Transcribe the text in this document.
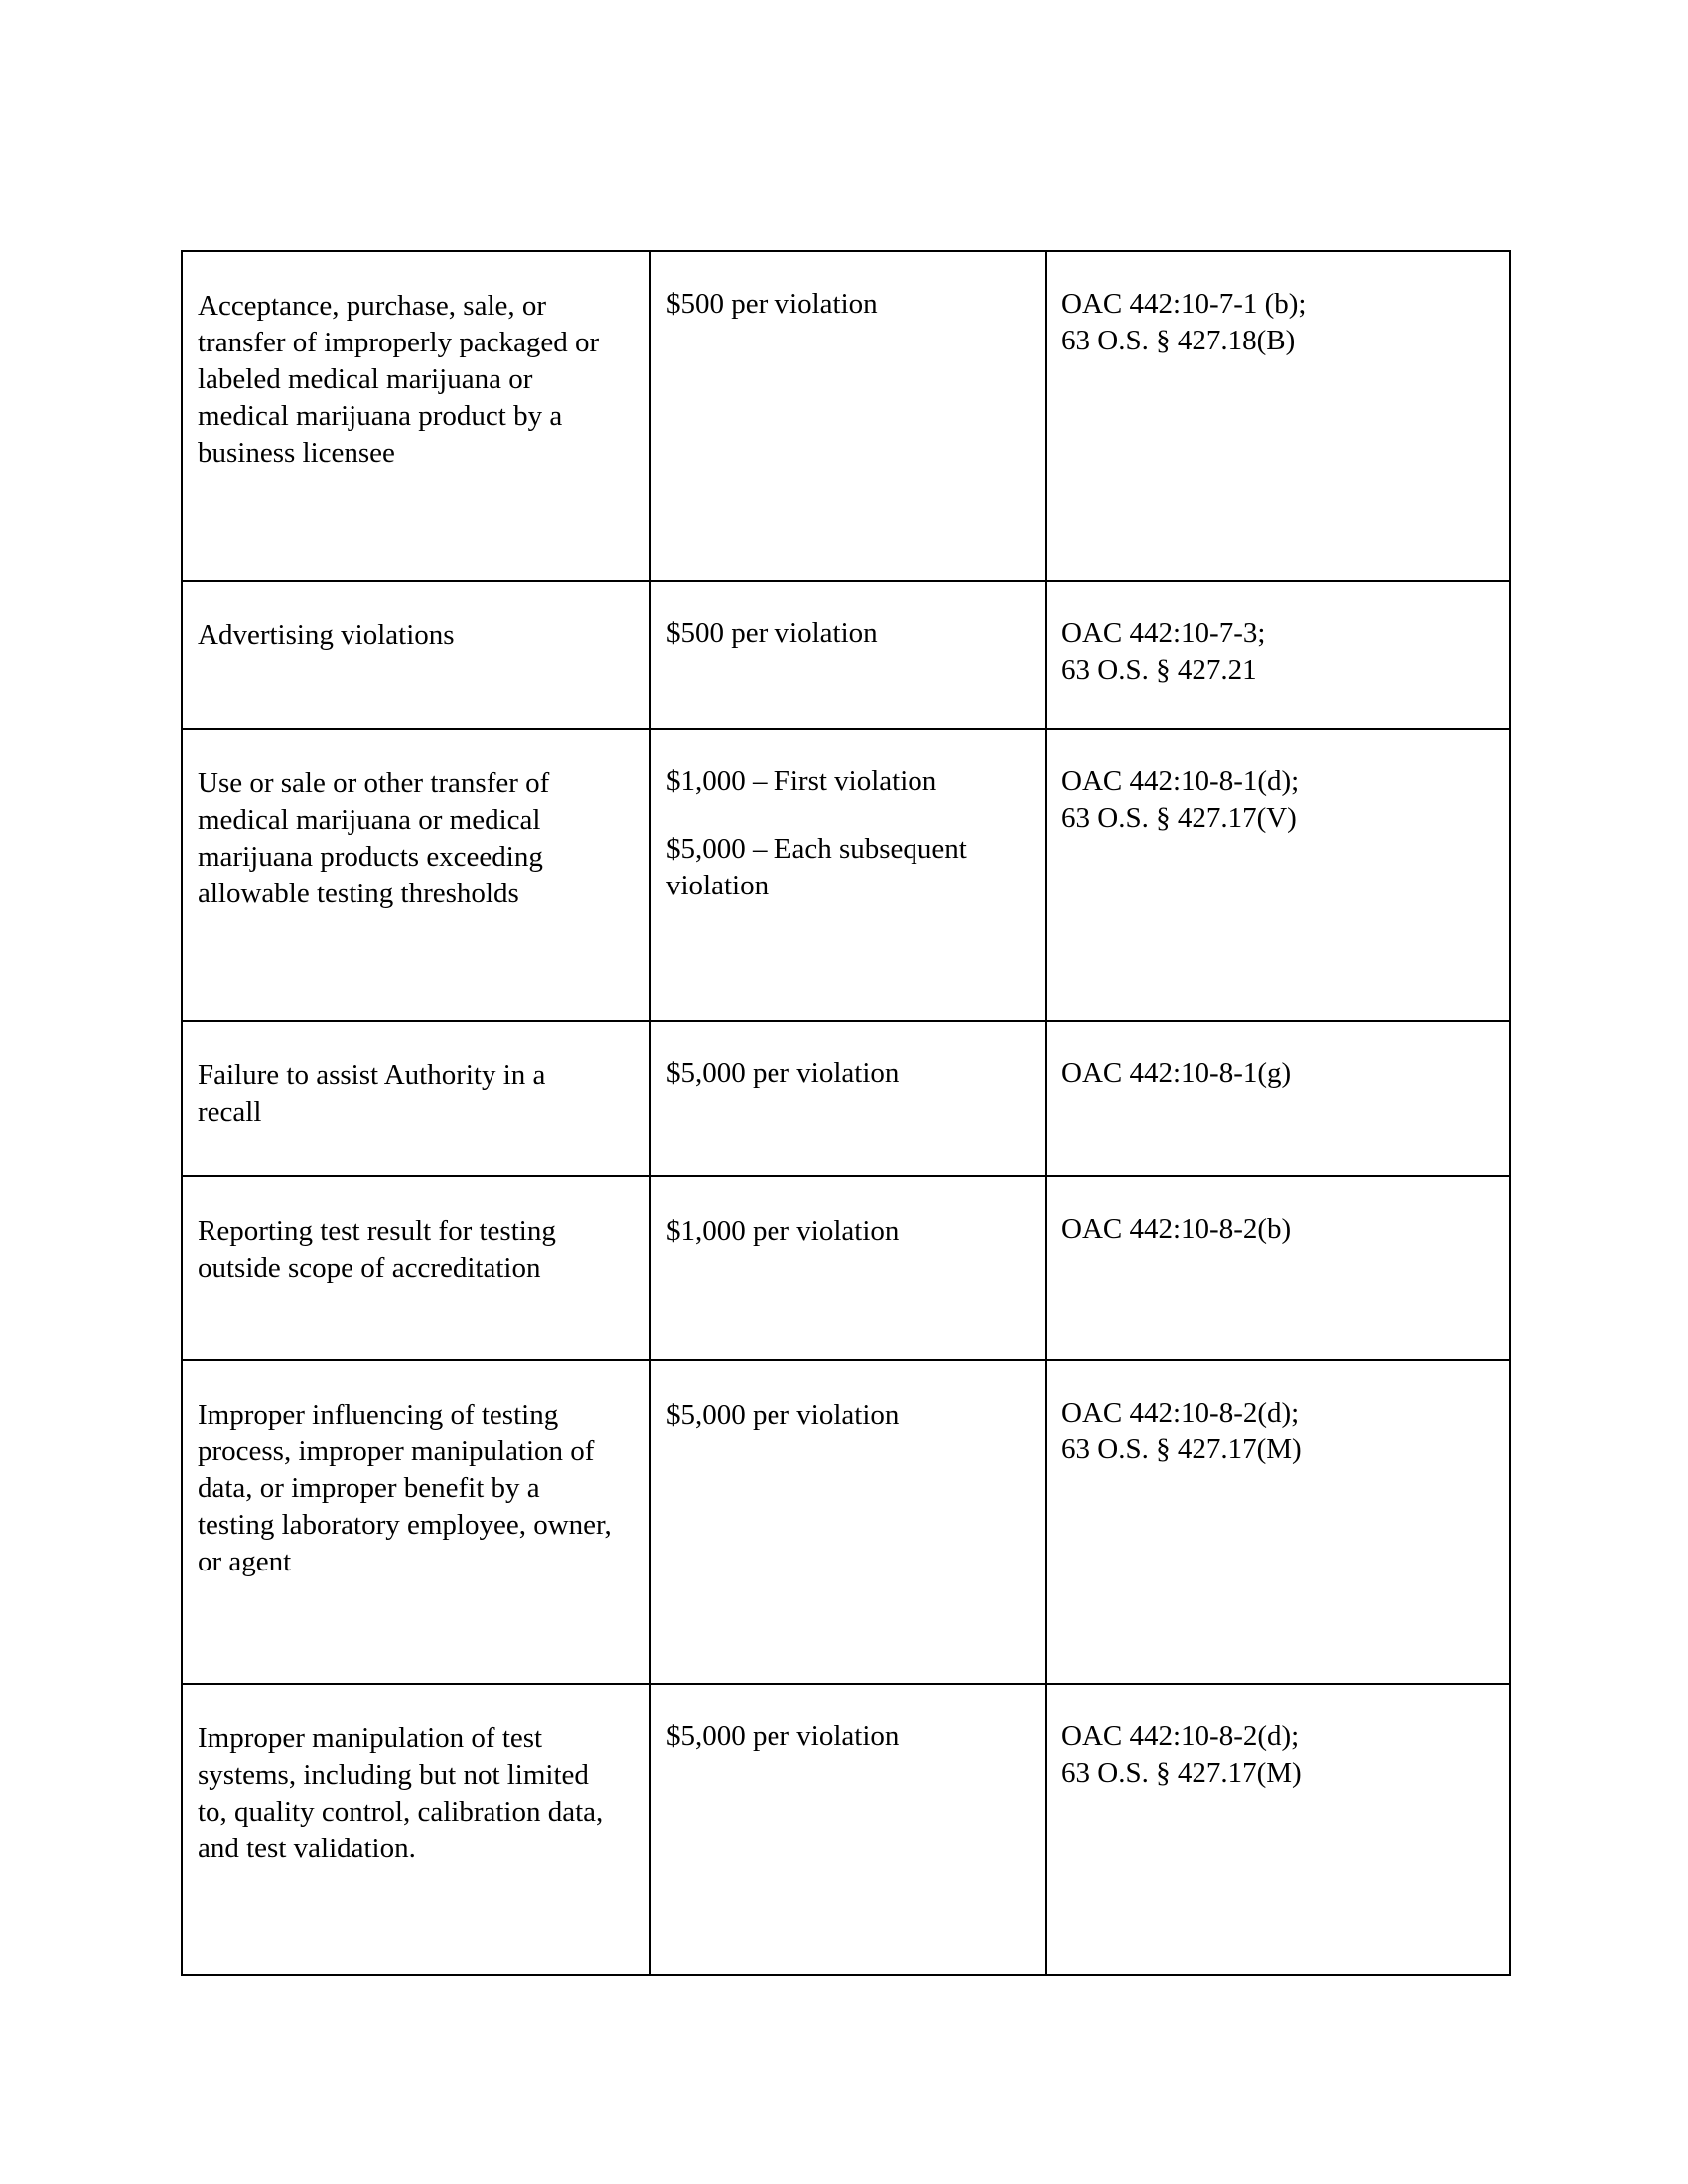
Acceptance, purchase, sale, or
transfer of improperly packaged or
labeled medical marijuana or
medical marijuana product by a
business licensee	$500 per violation	OAC 442:10-7-1 (b);
63 O.S. § 427.18(B)

Advertising violations	$500 per violation	OAC 442:10-7-3;
63 O.S. § 427.21

Use or sale or other transfer of
medical marijuana or medical
marijuana products exceeding
allowable testing thresholds	$1,000 – First violation
$5,000 – Each subsequent
violation	OAC 442:10-8-1(d);
63 O.S. § 427.17(V)

Failure to assist Authority in a
recall	$5,000 per violation	OAC 442:10-8-1(g)

Reporting test result for testing
outside scope of accreditation	$1,000 per violation	OAC 442:10-8-2(b)

Improper influencing of testing
process, improper manipulation of
data, or improper benefit by a
testing laboratory employee, owner,
or agent	$5,000 per violation	OAC 442:10-8-2(d);
63 O.S. § 427.17(M)

Improper manipulation of test
systems, including but not limited
to, quality control, calibration data,
and test validation.	$5,000 per violation	OAC 442:10-8-2(d);
63 O.S. § 427.17(M)
